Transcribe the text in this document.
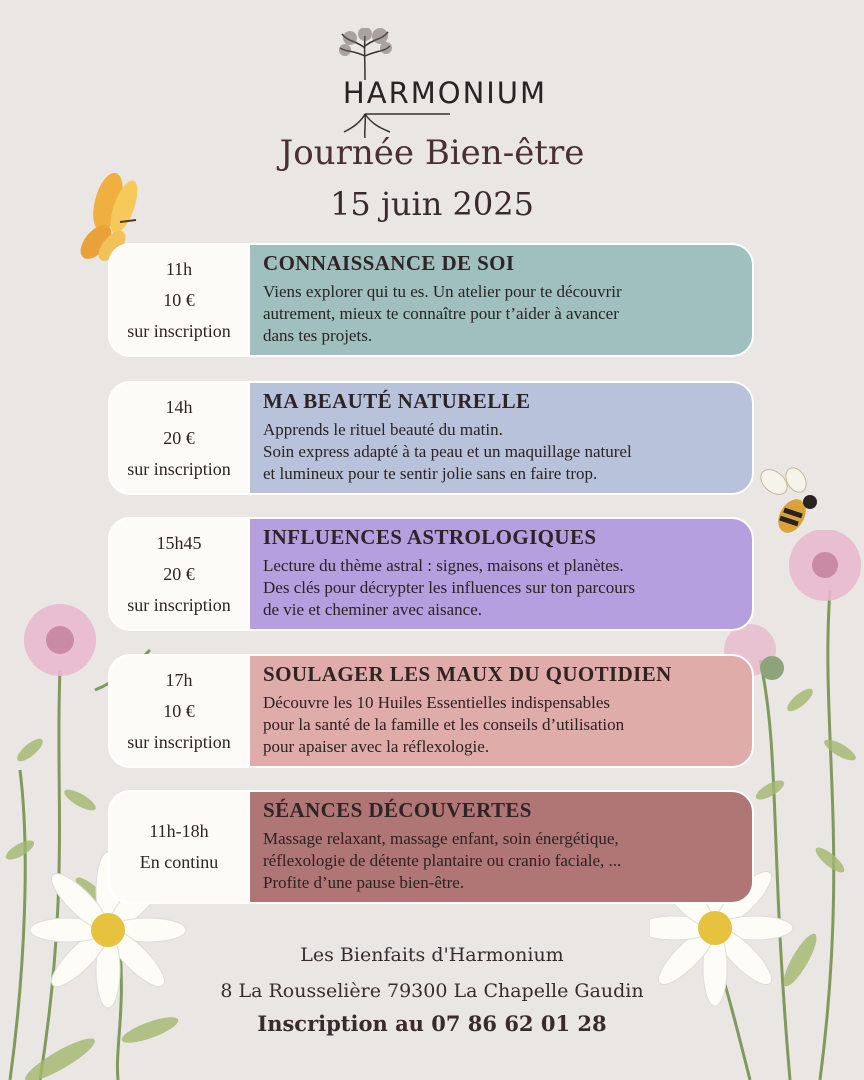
HARMONIUM
Journée Bien-être
15 juin 2025
11h
10 €
sur inscription
CONNAISSANCE DE SOI
Viens explorer qui tu es. Un atelier pour te découvrir
autrement, mieux te connaître pour t’aider à avancer
dans tes projets.
14h
20 €
sur inscription
MA BEAUTÉ NATURELLE
Apprends le rituel beauté du matin.
Soin express adapté à ta peau et un maquillage naturel
et lumineux pour te sentir jolie sans en faire trop.
15h45
20 €
sur inscription
INFLUENCES ASTROLOGIQUES
Lecture du thème astral : signes, maisons et planètes.
Des clés pour décrypter les influences sur ton parcours
de vie et cheminer avec aisance.
17h
10 €
sur inscription
SOULAGER LES MAUX DU QUOTIDIEN
Découvre les 10 Huiles Essentielles indispensables
pour la santé de la famille et les conseils d’utilisation
pour apaiser avec la réflexologie.
11h-18h
En continu
SÉANCES DÉCOUVERTES
Massage relaxant, massage enfant, soin énergétique,
réflexologie de détente plantaire ou cranio faciale, ...
Profite d’une pause bien-être.
Les Bienfaits d'Harmonium
8 La Rousselière 79300 La Chapelle Gaudin
Inscription au 07 86 62 01 28
